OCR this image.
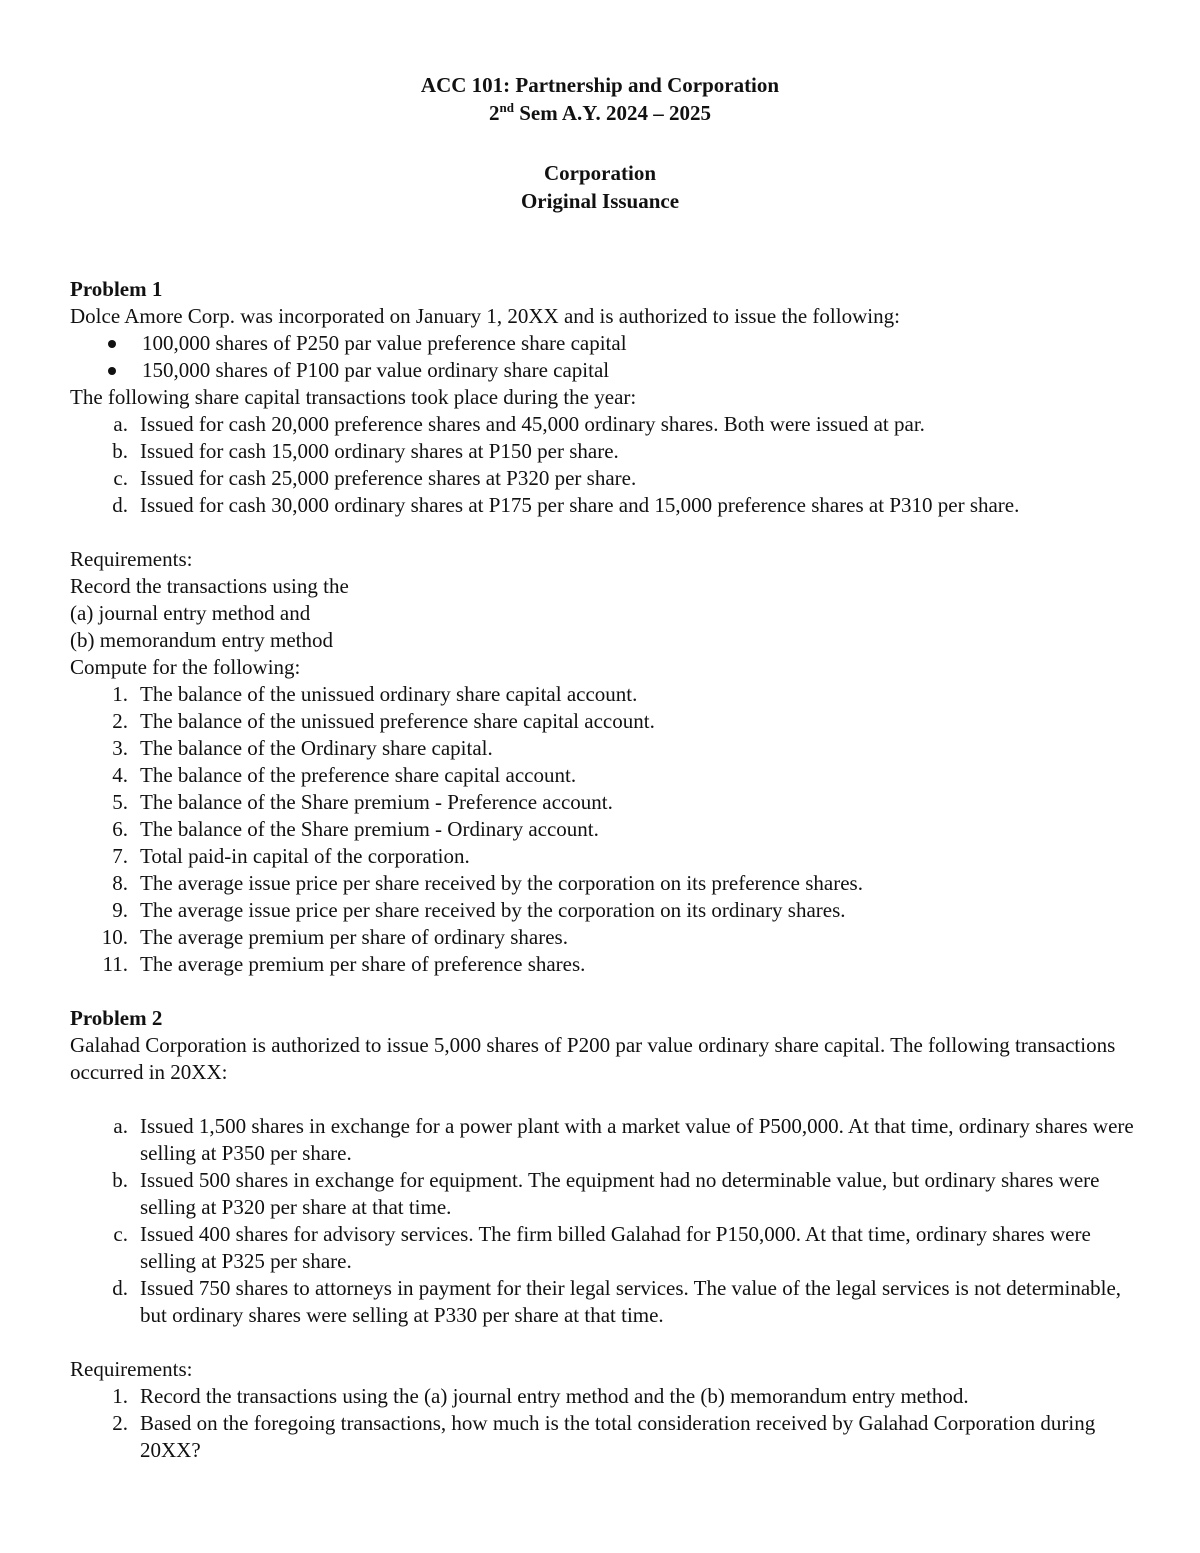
ACC 101: Partnership and Corporation
2nd Sem A.Y. 2024 – 2025
Corporation
Original Issuance
Problem 1
Dolce Amore Corp. was incorporated on January 1, 20XX and is authorized to issue the following:
100,000 shares of P250 par value preference share capital
150,000 shares of P100 par value ordinary share capital
The following share capital transactions took place during the year:
a. Issued for cash 20,000 preference shares and 45,000 ordinary shares. Both were issued at par.
b. Issued for cash 15,000 ordinary shares at P150 per share.
c. Issued for cash 25,000 preference shares at P320 per share.
d. Issued for cash 30,000 ordinary shares at P175 per share and 15,000 preference shares at P310 per share.
Requirements:
Record the transactions using the
(a) journal entry method and
(b) memorandum entry method
Compute for the following:
1. The balance of the unissued ordinary share capital account.
2. The balance of the unissued preference share capital account.
3. The balance of the Ordinary share capital.
4. The balance of the preference share capital account.
5. The balance of the Share premium - Preference account.
6. The balance of the Share premium - Ordinary account.
7. Total paid-in capital of the corporation.
8. The average issue price per share received by the corporation on its preference shares.
9. The average issue price per share received by the corporation on its ordinary shares.
10. The average premium per share of ordinary shares.
11. The average premium per share of preference shares.
Problem 2
Galahad Corporation is authorized to issue 5,000 shares of P200 par value ordinary share capital. The following transactions occurred in 20XX:
a. Issued 1,500 shares in exchange for a power plant with a market value of P500,000. At that time, ordinary shares were selling at P350 per share.
b. Issued 500 shares in exchange for equipment. The equipment had no determinable value, but ordinary shares were selling at P320 per share at that time.
c. Issued 400 shares for advisory services. The firm billed Galahad for P150,000. At that time, ordinary shares were selling at P325 per share.
d. Issued 750 shares to attorneys in payment for their legal services. The value of the legal services is not determinable, but ordinary shares were selling at P330 per share at that time.
Requirements:
1. Record the transactions using the (a) journal entry method and the (b) memorandum entry method.
2. Based on the foregoing transactions, how much is the total consideration received by Galahad Corporation during 20XX?
